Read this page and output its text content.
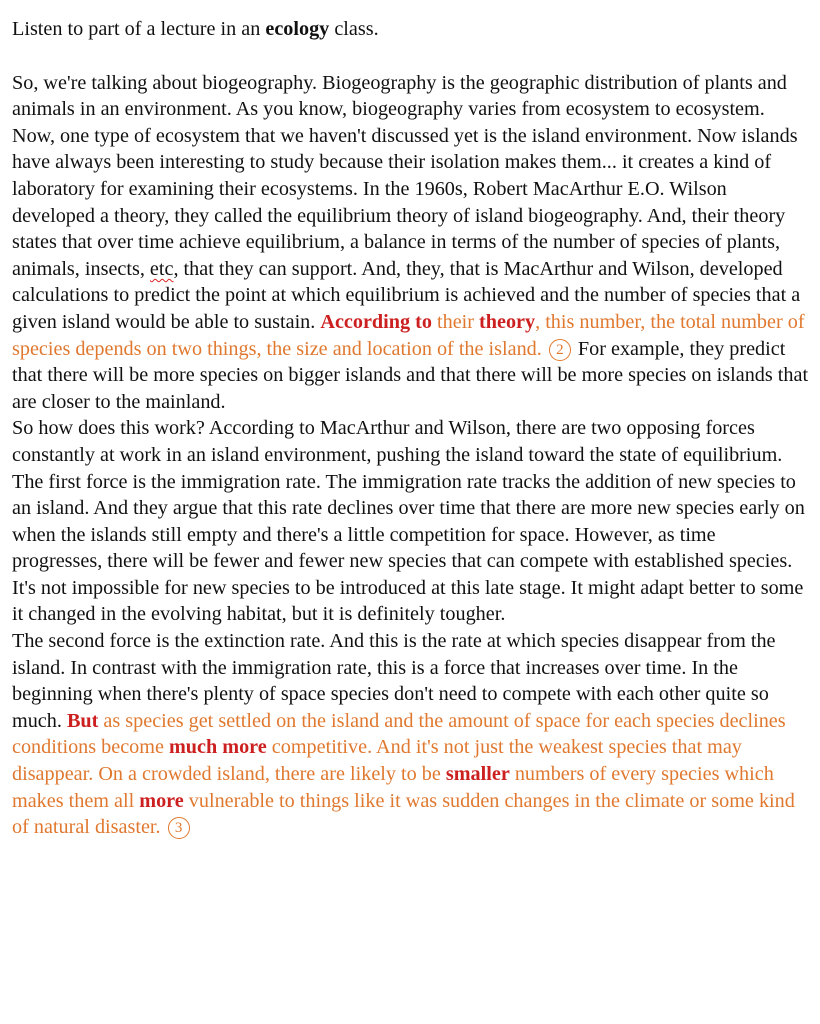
Listen to part of a lecture in an ecology class.

So, we're talking about biogeography. Biogeography is the geographic distribution of plants and animals in an environment. As you know, biogeography varies from ecosystem to ecosystem.

Now, one type of ecosystem that we haven't discussed yet is the island environment. Now islands have always been interesting to study because their isolation makes them... it creates a kind of laboratory for examining their ecosystems. In the 1960s, Robert MacArthur E.O. Wilson developed a theory, they called the equilibrium theory of island biogeography. And, their theory states that over time achieve equilibrium, a balance in terms of the number of species of plants, animals, insects, etc, that they can support. And, they, that is MacArthur and Wilson, developed calculations to predict the point at which equilibrium is achieved and the number of species that a given island would be able to sustain. According to their theory, this number, the total number of species depends on two things, the size and location of the island. 2 For example, they predict that there will be more species on bigger islands and that there will be more species on islands that are closer to the mainland.

So how does this work? According to MacArthur and Wilson, there are two opposing forces constantly at work in an island environment, pushing the island toward the state of equilibrium.

The first force is the immigration rate. The immigration rate tracks the addition of new species to an island. And they argue that this rate declines over time that there are more new species early on when the islands still empty and there's a little competition for space. However, as time progresses, there will be fewer and fewer new species that can compete with established species.

It's not impossible for new species to be introduced at this late stage. It might adapt better to some it changed in the evolving habitat, but it is definitely tougher.

The second force is the extinction rate. And this is the rate at which species disappear from the island. In contrast with the immigration rate, this is a force that increases over time. In the beginning when there's plenty of space species don't need to compete with each other quite so much. But as species get settled on the island and the amount of space for each species declines conditions become much more competitive. And it's not just the weakest species that may disappear. On a crowded island, there are likely to be smaller numbers of every species which makes them all more vulnerable to things like it was sudden changes in the climate or some kind of natural disaster. 3
